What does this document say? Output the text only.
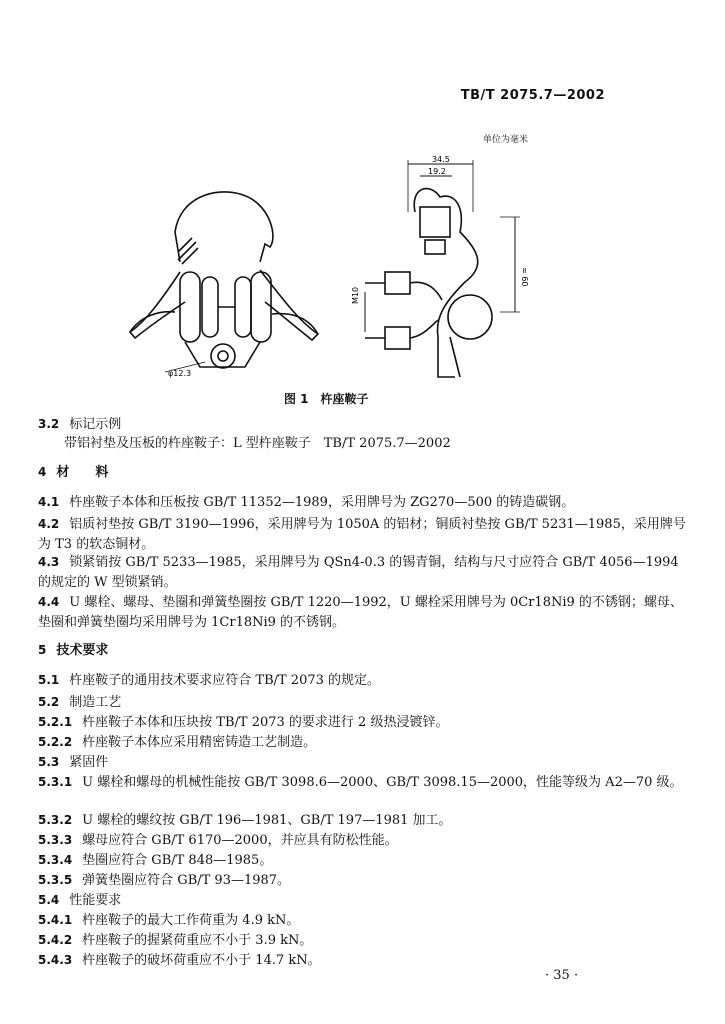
TB/T 2075.7—2002
单位为毫米
34.5
19.2
≈ 60
M10
φ12.3
图 1　杵座鞍子
3.2 标记示例
带铝衬垫及压板的杵座鞍子：L 型杵座鞍子　TB/T 2075.7—2002
4 材　　料
4.1 杵座鞍子本体和压板按 GB/T 11352—1989，采用牌号为 ZG270—500 的铸造碳钢。
4.2 铝质衬垫按 GB/T 3190—1996，采用牌号为 1050A 的铝材；铜质衬垫按 GB/T 5231—1985，采用牌号为 T3 的软态铜材。
4.3 锁紧销按 GB/T 5233—1985，采用牌号为 QSn4-0.3 的锡青铜，结构与尺寸应符合 GB/T 4056—1994 的规定的 W 型锁紧销。
4.4 U 螺栓、螺母、垫圈和弹簧垫圈按 GB/T 1220—1992，U 螺栓采用牌号为 0Cr18Ni9 的不锈钢；螺母、垫圈和弹簧垫圈均采用牌号为 1Cr18Ni9 的不锈钢。
5 技术要求
5.1 杵座鞍子的通用技术要求应符合 TB/T 2073 的规定。
5.2 制造工艺
5.2.1 杵座鞍子本体和压块按 TB/T 2073 的要求进行 2 级热浸镀锌。
5.2.2 杵座鞍子本体应采用精密铸造工艺制造。
5.3 紧固件
5.3.1 U 螺栓和螺母的机械性能按 GB/T 3098.6—2000、GB/T 3098.15—2000，性能等级为 A2—70 级。
5.3.2 U 螺栓的螺纹按 GB/T 196—1981、GB/T 197—1981 加工。
5.3.3 螺母应符合 GB/T 6170—2000，并应具有防松性能。
5.3.4 垫圈应符合 GB/T 848—1985。
5.3.5 弹簧垫圈应符合 GB/T 93—1987。
5.4 性能要求
5.4.1 杵座鞍子的最大工作荷重为 4.9 kN。
5.4.2 杵座鞍子的握紧荷重应不小于 3.9 kN。
5.4.3 杵座鞍子的破坏荷重应不小于 14.7 kN。
· 35 ·
